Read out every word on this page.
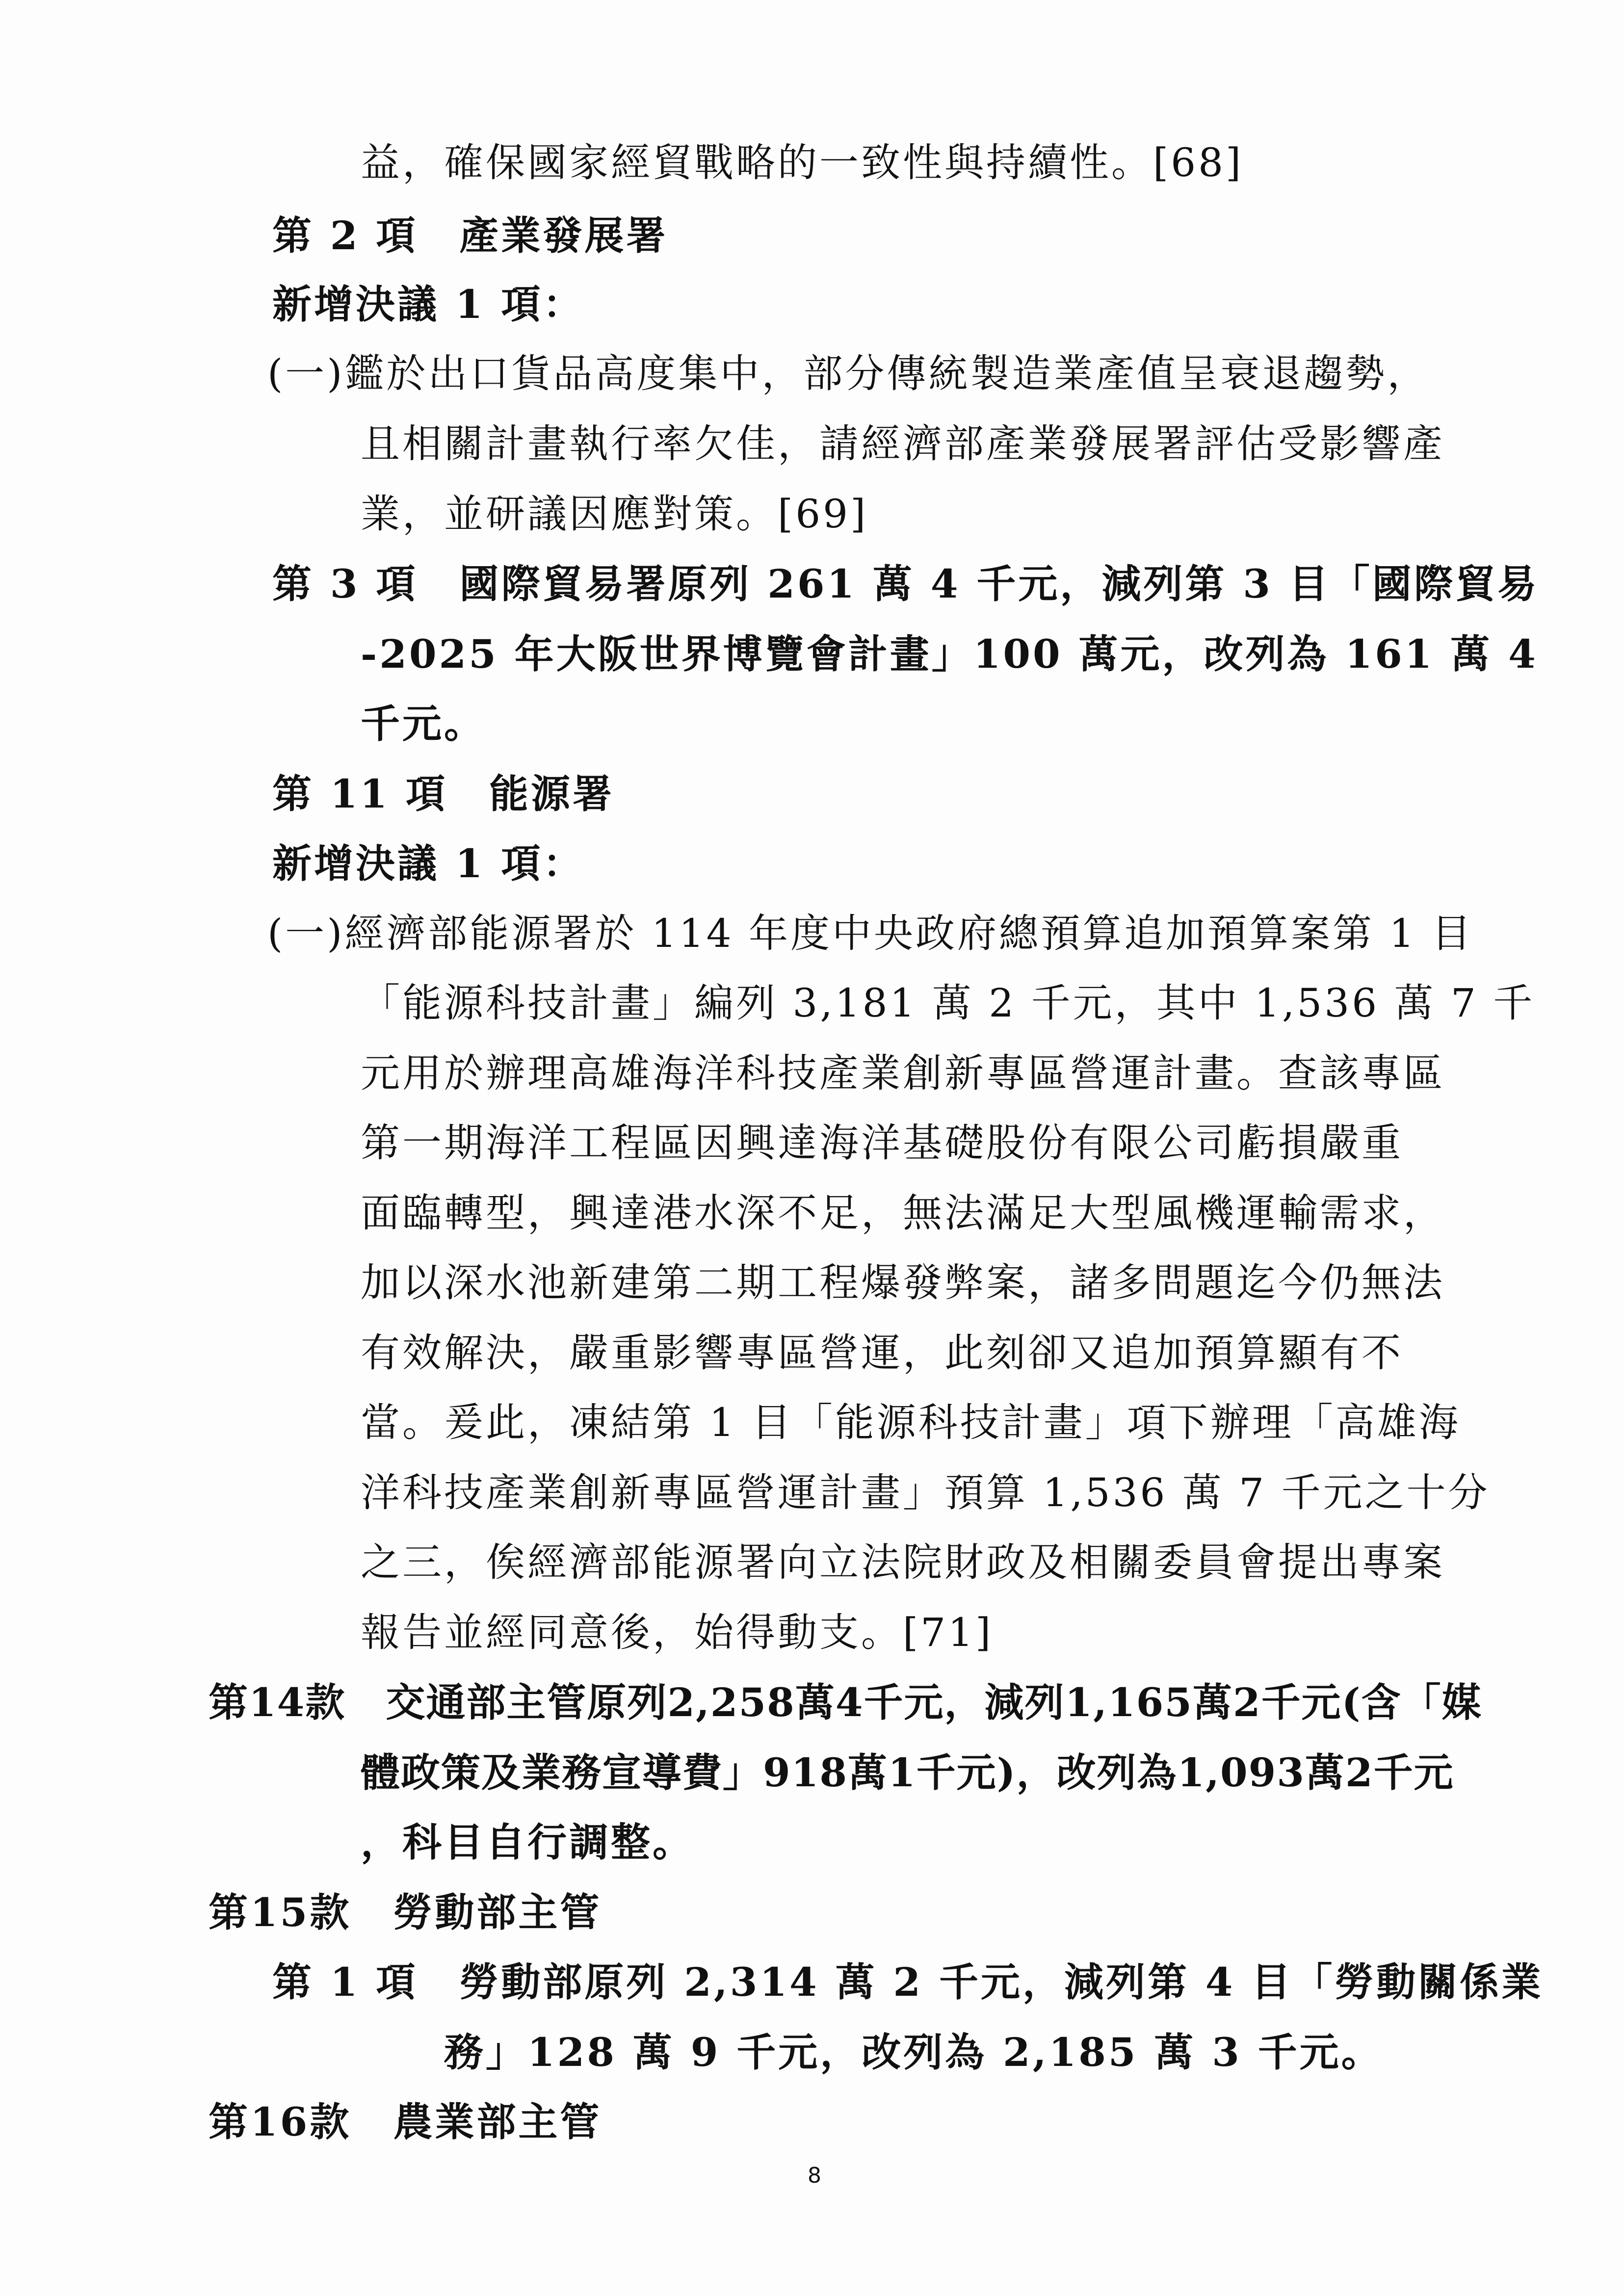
益，確保國家經貿戰略的一致性與持續性。[68]
第 2 項　產業發展署
新增決議 1 項：
(一)鑑於出口貨品高度集中，部分傳統製造業產值呈衰退趨勢，
且相關計畫執行率欠佳，請經濟部產業發展署評估受影響產
業，並研議因應對策。[69]
第 3 項　國際貿易署原列 261 萬 4 千元，減列第 3 目「國際貿易
-2025 年大阪世界博覽會計畫」100 萬元，改列為 161 萬 4
千元。
第 11 項　能源署
新增決議 1 項：
(一)經濟部能源署於 114 年度中央政府總預算追加預算案第 1 目
「能源科技計畫」編列 3,181 萬 2 千元，其中 1,536 萬 7 千
元用於辦理高雄海洋科技產業創新專區營運計畫。查該專區
第一期海洋工程區因興達海洋基礎股份有限公司虧損嚴重
面臨轉型，興達港水深不足，無法滿足大型風機運輸需求，
加以深水池新建第二期工程爆發弊案，諸多問題迄今仍無法
有效解決，嚴重影響專區營運，此刻卻又追加預算顯有不
當。爰此，凍結第 1 目「能源科技計畫」項下辦理「高雄海
洋科技產業創新專區營運計畫」預算 1,536 萬 7 千元之十分
之三，俟經濟部能源署向立法院財政及相關委員會提出專案
報告並經同意後，始得動支。[71]
第14款　交通部主管原列2,258萬4千元，減列1,165萬2千元(含「媒
體政策及業務宣導費」918萬1千元)，改列為1,093萬2千元
，科目自行調整。
第15款　勞動部主管
第 1 項　勞動部原列 2,314 萬 2 千元，減列第 4 目「勞動關係業
務」128 萬 9 千元，改列為 2,185 萬 3 千元。
第16款　農業部主管
8
